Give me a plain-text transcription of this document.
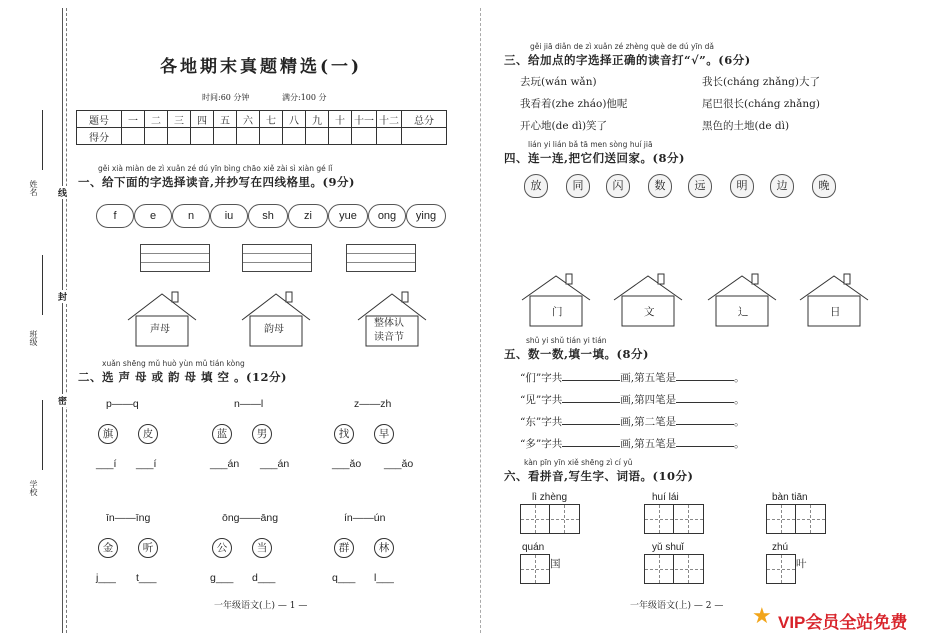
姓名
班级
学校
线
封
密
各地期末真题精选(一)
时间:60 分钟	满分:100 分
题号	一	二	三	四	五	六	七	八	九	十	十一	十二	总分
得分													
gěi xià miàn de zì xuǎn zé dú yīn bìng chāo xiě zài sì xiàn gé lǐ
一、给下面的字选择读音,并抄写在四线格里。(9分)
f	e	n	iu	sh	zi	yue	ong	ying
声母	韵母
整体认
读音节
xuǎn shēng mǔ huò yùn mǔ tián kòng
二、选 声 母 或 韵 母 填 空 。(12分)
p——q
旗	皮
___í ___í
n——l
蓝	男
___án ___án
z——zh
找	早
___ǎo ___ǎo
īn——īng
金	听
j___ t___
ōng——āng
公	当
g___ d___
ín——ún
群	林
q___ l___
一年级语文(上) — 1 —
gěi jiā diǎn de zì xuǎn zé zhèng què de dú yīn dǎ
三、给加点的字选择正确的读音打“√”。(6分)
去玩(wán wǎn)	我长(cháng zhǎng)大了
我看着(zhe zháo)他呢	尾巴很长(cháng zhǎng)
开心地(de dì)笑了	黑色的土地(de dì)
lián yi lián bǎ tā men sòng huí jiā
四、连一连,把它们送回家。(8分)
放	同	闪	数	远	明	边	晚
门	文	辶	日
shǔ yi shǔ tián yi tián
五、数一数,填一填。(8分)
“们”字共	画,第五笔是	。
“见”字共	画,第四笔是	。
“东”字共	画,第二笔是	。
“多”字共	画,第五笔是	。
kàn pīn yīn xiě shēng zì cí yǔ
六、看拼音,写生字、词语。(10分)
lì zhèng	huí lái	bàn tiān
quán
国
yǔ shuǐ	zhú
叶
一年级语文(上) — 2 — ★ VIP会员全站免费
